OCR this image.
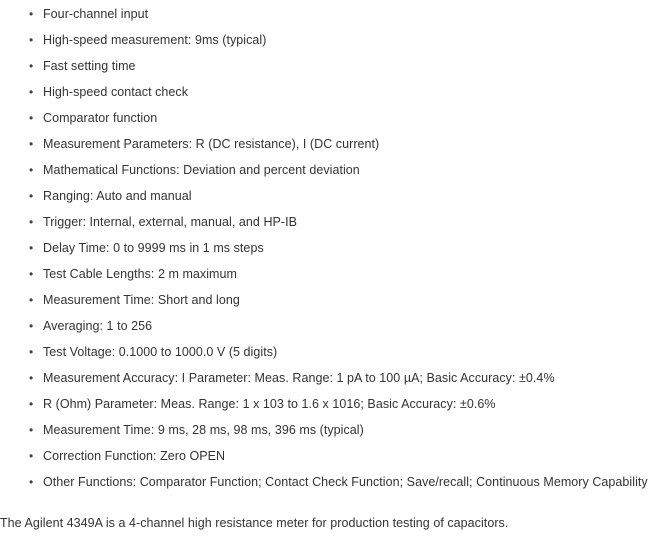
• Four-channel input
• High-speed measurement: 9ms (typical)
• Fast setting time
• High-speed contact check
• Comparator function
• Measurement Parameters: R (DC resistance), I (DC current)
• Mathematical Functions: Deviation and percent deviation
• Ranging: Auto and manual
• Trigger: Internal, external, manual, and HP-IB
• Delay Time: 0 to 9999 ms in 1 ms steps
• Test Cable Lengths: 2 m maximum
• Measurement Time: Short and long
• Averaging: 1 to 256
• Test Voltage: 0.1000 to 1000.0 V (5 digits)
• Measurement Accuracy: I Parameter: Meas. Range: 1 pA to 100 µA; Basic Accuracy: ±0.4%
• R (Ohm) Parameter: Meas. Range: 1 x 103 to 1.6 x 1016; Basic Accuracy: ±0.6%
• Measurement Time: 9 ms, 28 ms, 98 ms, 396 ms (typical)
• Correction Function: Zero OPEN
• Other Functions: Comparator Function; Contact Check Function; Save/recall; Continuous Memory Capability

The Agilent 4349A is a 4-channel high resistance meter for production testing of capacitors.
